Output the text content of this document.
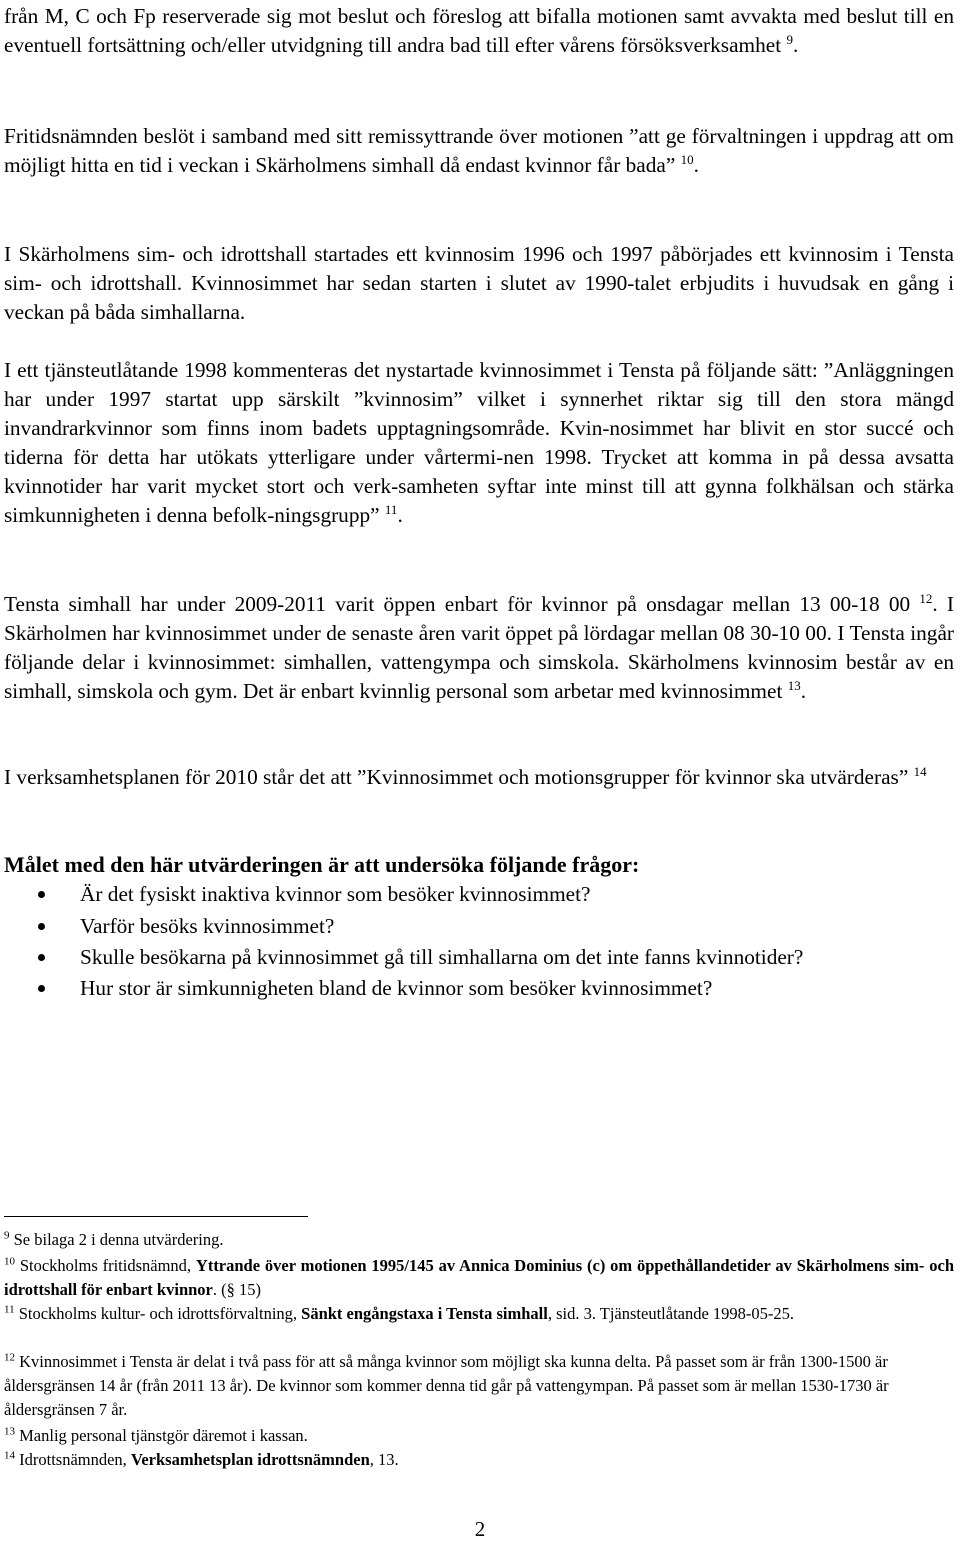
från M, C och Fp reserverade sig mot beslut och föreslog att bifalla motionen samt avvakta med beslut till en eventuell fortsättning och/eller utvidgning till andra bad till efter vårens försöksverksamhet $^9$.

Fritidsnämnden beslöt i samband med sitt remissyttrande över motionen ”att ge förvaltningen i uppdrag att om möjligt hitta en tid i veckan i Skärholmens simhall då endast kvinnor får bada” $^{10}$.

I Skärholmens sim- och idrottshall startades ett kvinnosim 1996 och 1997 påbörjades ett kvinnosim i Tensta sim- och idrottshall. Kvinnosimmet har sedan starten i slutet av 1990-talet erbjudits i huvudsak en gång i veckan på båda simhallarna.

I ett tjänsteutlåtande 1998 kommenteras det nystartade kvinnosimmet i Tensta på följande sätt: ”Anläggningen har under 1997 startat upp särskilt ”kvinnosim” vilket i synnerhet riktar sig till den stora mängd invandrarkvinnor som finns inom badets upptagningsområde. Kvin-nosimmet har blivit en stor succé och tiderna för detta har utökats ytterligare under vårtermi-nen 1998. Trycket att komma in på dessa avsatta kvinnotider har varit mycket stort och verk-samheten syftar inte minst till att gynna folkhälsan och stärka simkunnigheten i denna befolk-ningsgrupp” $^{11}$.

Tensta simhall har under 2009-2011 varit öppen enbart för kvinnor på onsdagar mellan 13 00-18 00 $^{12}$. I Skärholmen har kvinnosimmet under de senaste åren varit öppet på lördagar mellan 08 30-10 00. I Tensta ingår följande delar i kvinnosimmet: simhallen, vattengympa och simskola. Skärholmens kvinnosim består av en simhall, simskola och gym. Det är enbart kvinnlig personal som arbetar med kvinnosimmet $^{13}$.

I verksamhetsplanen för 2010 står det att ”Kvinnosimmet och motionsgrupper för kvinnor ska utvärderas” $^{14}$

Målet med den här utvärderingen är att undersöka följande frågor:

Är det fysiskt inaktiva kvinnor som besöker kvinnosimmet?
Varför besöks kvinnosimmet?
Skulle besökarna på kvinnosimmet gå till simhallarna om det inte fanns kvinnotider?
Hur stor är simkunnigheten bland de kvinnor som besöker kvinnosimmet?

$^9$ Se bilaga 2 i denna utvärdering.

$^{10}$ Stockholms fritidsnämnd, Yttrande över motionen 1995/145 av Annica Dominius (c) om öppethållandetider av Skärholmens sim- och idrottshall för enbart kvinnor. (§ 15)

$^{11}$ Stockholms kultur- och idrottsförvaltning, Sänkt engångstaxa i Tensta simhall, sid. 3. Tjänsteutlåtande 1998-05-25.

$^{12}$ Kvinnosimmet i Tensta är delat i två pass för att så många kvinnor som möjligt ska kunna delta. På passet som är från 1300-1500 är åldersgränsen 14 år (från 2011 13 år). De kvinnor som kommer denna tid går på vattengympan. På passet som är mellan 1530-1730 är åldersgränsen 7 år.

$^{13}$ Manlig personal tjänstgör däremot i kassan.

$^{14}$ Idrottsnämnden, Verksamhetsplan idrottsnämnden, 13.

2
